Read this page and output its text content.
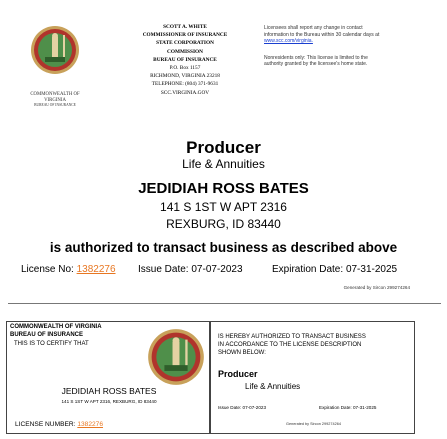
COMMONWEALTH OF
VIRGINIA
BUREAU OF INSURANCE
SCOTT A. WHITE
COMMISSIONER OF INSURANCE
STATE CORPORATION
COMMISSION
BUREAU OF INSURANCE
P.O. Box 1157
RICHMOND, VIRGINIA 23218
TELEPHONE: (804) 371-9631
SCC.VIRGINIA.GOV
Licensees shall report any change in contact
information to the Bureau within 30 calendar days at
www.scc.com/virginia.
Nonresidents only: This license is limited to the
authority granted by the licensee's home state.
Producer
Life & Annuities
JEDIDIAH ROSS BATES
141 S 1ST W APT 2316
REXBURG, ID 83440
is authorized to transact business as described above
License No: 1382276 Issue Date: 07-07-2023	Expiration Date: 07-31-2025
Generated by Sircon 299274264
COMMONWEALTH OF VIRGINIA
BUREAU OF INSURANCE
THIS IS TO CERTIFY THAT
JEDIDIAH ROSS BATES
141 S 1ST W APT 2316, REXBURG, ID 83440
LICENSE NUMBER: 1382276
IS HEREBY AUTHORIZED TO TRANSACT BUSINESS
IN ACCORDANCE TO THE LICENSE DESCRIPTION
SHOWN BELOW:
Producer
Life & Annuities
Issue Date: 07-07-2023	Expiration Date: 07-31-2025
Generated by Sircon 299274264
